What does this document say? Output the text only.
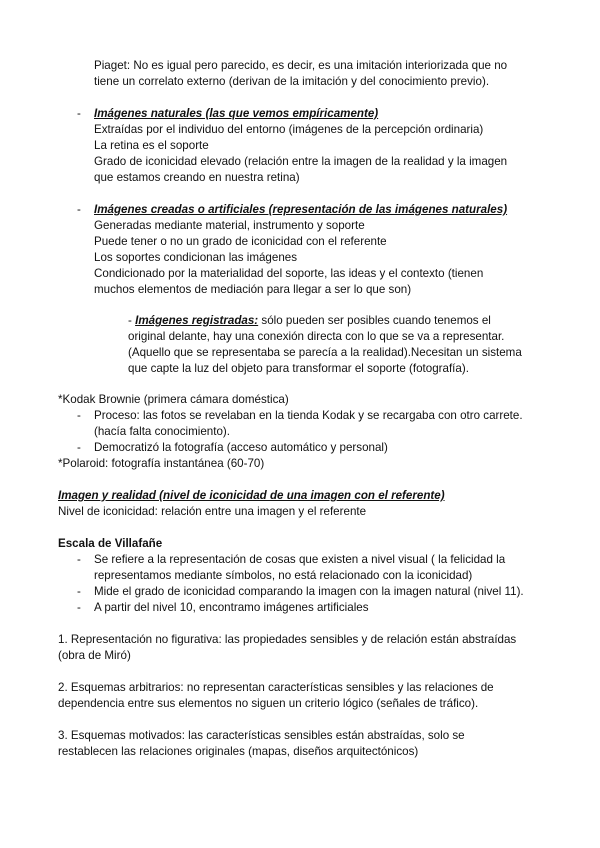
Piaget: No es igual pero parecido, es decir, es una imitación interiorizada que no
tiene un correlato externo (derivan de la imitación y del conocimiento previo).
- Imágenes naturales (las que vemos empíricamente)
Extraídas por el individuo del entorno (imágenes de la percepción ordinaria)
La retina es el soporte
Grado de iconicidad elevado (relación entre la imagen de la realidad y la imagen
que estamos creando en nuestra retina)
- Imágenes creadas o artificiales (representación de las imágenes naturales)
Generadas mediante material, instrumento y soporte
Puede tener o no un grado de iconicidad con el referente
Los soportes condicionan las imágenes
Condicionado por la materialidad del soporte, las ideas y el contexto (tienen
muchos elementos de mediación para llegar a ser lo que son)
- Imágenes registradas: sólo pueden ser posibles cuando tenemos el
original delante, hay una conexión directa con lo que se va a representar.
(Aquello que se representaba se parecía a la realidad).Necesitan un sistema
que capte la luz del objeto para transformar el soporte (fotografía).
*Kodak Brownie (primera cámara doméstica)
- Proceso: las fotos se revelaban en la tienda Kodak y se recargaba con otro carrete.
(hacía falta conocimiento).
- Democratizó la fotografía (acceso automático y personal)
*Polaroid: fotografía instantánea (60-70)
Imagen y realidad (nivel de iconicidad de una imagen con el referente)
Nivel de iconicidad: relación entre una imagen y el referente
Escala de Villafañe
- Se refiere a la representación de cosas que existen a nivel visual ( la felicidad la
representamos mediante símbolos, no está relacionado con la iconicidad)
- Mide el grado de iconicidad comparando la imagen con la imagen natural (nivel 11).
- A partir del nivel 10, encontramo imágenes artificiales
1. Representación no figurativa: las propiedades sensibles y de relación están abstraídas
(obra de Miró)
2. Esquemas arbitrarios: no representan características sensibles y las relaciones de
dependencia entre sus elementos no siguen un criterio lógico (señales de tráfico).
3. Esquemas motivados: las características sensibles están abstraídas, solo se
restablecen las relaciones originales (mapas, diseños arquitectónicos)
